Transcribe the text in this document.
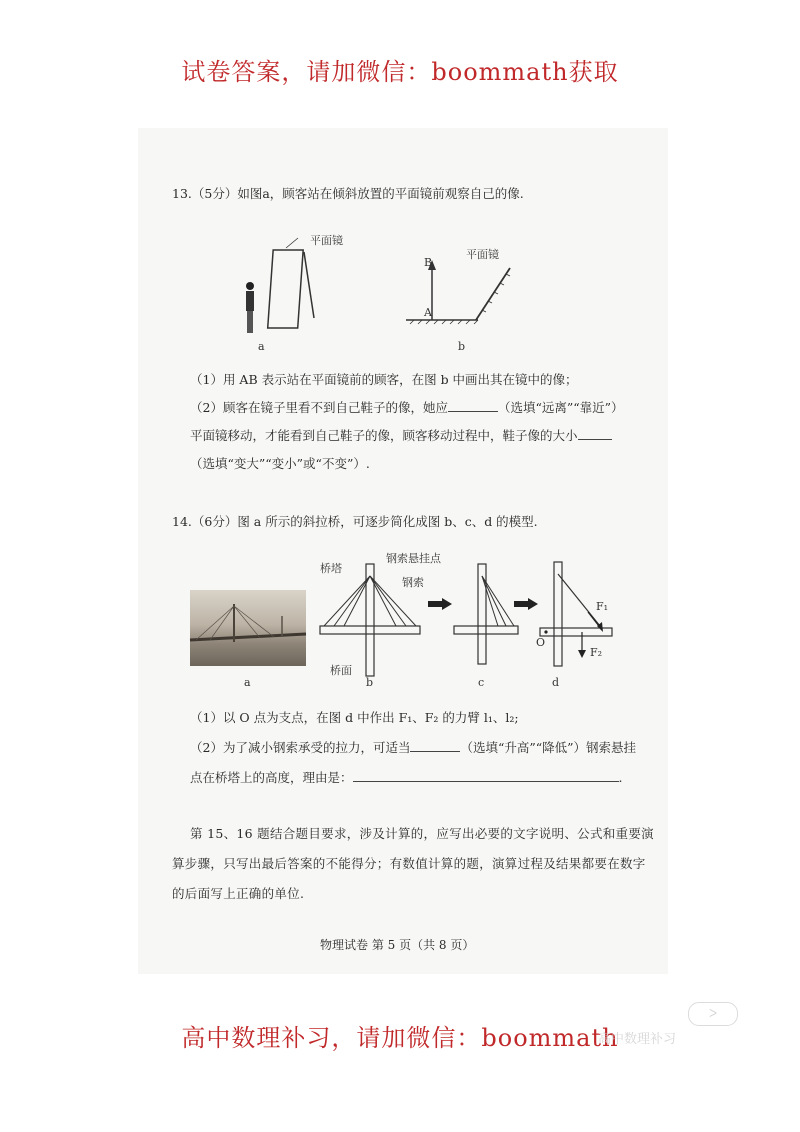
试卷答案，请加微信：boommath获取
13.（5分）如图a，顾客站在倾斜放置的平面镜前观察自己的像.
平面镜
a
B
A
平面镜
b
（1）用 AB 表示站在平面镜前的顾客，在图 b 中画出其在镜中的像；
（2）顾客在镜子里看不到自己鞋子的像，她应	（选填“远离”“靠近”）
平面镜移动，才能看到自己鞋子的像，顾客移动过程中，鞋子像的大小
（选填“变大”“变小”或“不变”）.
14.（6分）图 a 所示的斜拉桥，可逐步简化成图 b、c、d 的模型.
a
桥塔
钢索悬挂点
钢索
桥面
b	c
F₁
F₂
O
d
（1）以 O 点为支点，在图 d 中作出 F₁、F₂ 的力臂 l₁、l₂;
（2）为了减小钢索承受的拉力，可适当	（选填“升高”“降低”）钢索悬挂
点在桥塔上的高度，理由是：	.
第 15、16 题结合题目要求，涉及计算的，应写出必要的文字说明、公式和重要演
算步骤，只写出最后答案的不能得分；有数值计算的题，演算过程及结果都要在数字
的后面写上正确的单位.
物理试卷 第 5 页（共 8 页）
高中数理补习，请加微信：boommath
高中数理补习
ᐳ
